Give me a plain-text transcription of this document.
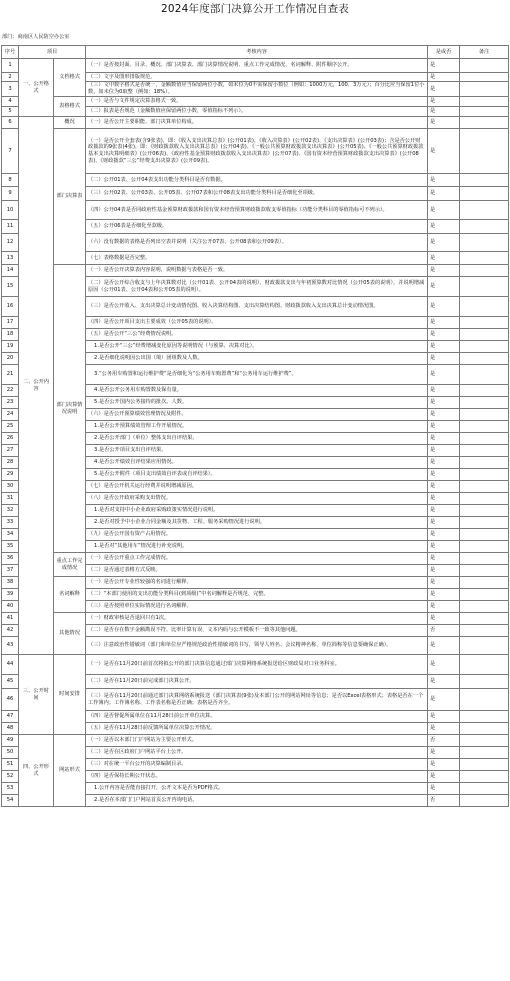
2024年度部门决算公开工作情况自查表
部门：商南区人民防空办公室
序号	项目		考核内容	是或否	备注
1	一、公开格式	文档格式	（一）是否按封面、目录、概况、部门决算表、部门决算情况说明、重点工作完成情况、名词解释、附件顺序公开。	是	
2			（二）文字及图形排版规范。	是	
3			（三）文中数字格式是否统一，金额数值应当保留两位小数，如未位为0不需保留小数位（例如：1000万元，100．3万元）；百分比应当保留1位小数，如未位为0取整（例如：18%）。	是	
4		表格格式	（一）是否与文件规定决算表格式一致。	是	
5			（二）报表是否规范（金额数值应保留两位小数，零值指标不列示）。	是	
6	二、公开内容	概况	（一）是否公开主要职能、部门决算单位构成。	是	
7		部门决算表	（一）是否公开全套表(含9张表)，即：《收入支出决算总表》(公开01表)、《收入决算表》(公开02表)、《支出决算表》(公开03表)；含是否公开财政拨款的9张表(4张)，即：《财政拨款收入支出决算总表》(公开04表)、《一般公共预算财政拨款支出决算表》(公开05表)、《一般公共预算财政拨款基本支出决算明细表》(公开06表)、《政府性基金预算财政拨款收入支出决算表》(公开07表)、《国有资本经营预算财政拨款支出决算表》(公开08表)、《财政拨款“三公”经费支出决算表》(公开09表)。	是	
8			（二）公开01表、公开04表支出功能分类科目是否有数据。	是	
9			（三）公开02表、公开03表、公开05表、公开07表和公开08表支出功能分类科目是否细化至项级。	是	
10			（四）公开04表是否同政府性基金预算财政拨款和国有资本经营预算财政拨款收支零值指标（功能分类科目的零值指标可不列示）。	是	
11			（五）公开06表是否细化至款级。	是	
12			（六）没有数据的表格是否列出空表并说明（关注公开07表、公开08表和公开09表）。	是	
13			（七）表格数据是否完整。	是	
14		部门决算情况说明	（一）是否公开决算表内容说明，说明数据与表格是否一致。	是	
15			（二）是否公开综合收支与上年决算数对比（公开01表、公开04表的说明）、财政拨款支出与年初预算数对比情况（公开05表的说明），并说明增减原因（公开01表、公开04表和公开05表的说明）。	是	
16			（三）是否公开收入、支出决算总计变动情况图、收入决算结构图、支出决算结构图、财政拨款收入支出决算总计变动情况图。	是	
17			（四）是否公开项目支出主要成效（公开05表的说明）。	是	
18			（五）是否公开“三公”经费情况说明。	是	
19			1.是否公开“三公”经费增减变化原因等说明情况（与预算、决算对比）。	是	
20			2.是否细化说明因公出国（境）团组数及人数。	是	
21			3.“公务用车购置和运行维护费”是否细化为“公务用车购置费”和“公务用车运行维护费”。	是	
22			4.是否公开公务用车购置数及保有量。	是	
23			5.是否公开国内公务接待的批次、人数。	是	
24			（六）是否公开预算绩效管理情况及附件。	是	
25			1.是否公开预算绩效管理工作开展情况。	是	
26			2.是否公开部门（单位）整体支出自评结果。	是	
27			3.是否公开项目支出自评结果。	是	
28			4.是否公开绩效自评结果应用情况。	是	
29			5.是否公开附件（项目支出绩效自评表或自评结果）。	是	
30			（七）是否公开机关运行经费并说明增减原因。	是	
31			（八）是否公开政府采购支出情况。	是	
32			1.是否对支持中小企业政府采购政策实情况进行说明。	是	
33			2.是否对授予中小企业合同金额及其货物、工程、服务采购情况进行说明。	是	
34			（九）是否公开国有资产占用情况。	是	
35			1.是否对“其他用车”情况进行补充说明。	是	
36		重点工作完成情况	（一）是否公开重点工作完成情况。	是	
37			（二）是否通过表格方式反映。	是	
38		名词解释	（一）是否公开专业性较强的名词进行解释。	是	
39			（二）“本部门使用的支出功能分类科目(到项级)”中名词解释是否规范、完整。	是	
40			（三）是否按照单位实际情况进行名词解释。	是	
41		其他情况	（一）财政审核是否退回只有1次。	是	
42			（二）是否存在数字金额勘误不符、比率计算有误、文本内码与公开模板不一致等其他问题。	否	
43			（三）注意政治性错敏词（部门和单位应严格规范政治性错敏词的书写，领导人姓名、会议精神名称、单位简称等信息要确保正确）。	是	
44	三、公开时间	时间安排	（一）是否在11月20日前首次将拟公开的部门决算信息通过部门决算网络系统报送给区财政局对口业务科室。	是	
45			（二）是否在11月20日前完成部门决算公开。	是	
46			（三）是否在11月20日前通过部门决算网络系统报送《部门决算表(9张)及本部门公开的网站网址等信息；是否以Excel表格形式；表格是否在一个工作簿内；工作簿名称、工作表名称是否正确；表格是否齐全。	是	
47			（四）是否督促所属单位在11月28日前公开单位决算。	是	
48			（五）是否在11月28日前反馈所属单位决算公开情况。	是	
49	四、公开形式	网站形式	（一）是否以本部门门户网站为主要公开形式。	否	
50			（二）是否在区政府门户网站平台上公开。	是	
51			（三）对在统一平台公开的决算编制目录。	是	
52			（四）是否保持长期公开状态。	是	
53			1.公开内容是否能直接打开，公开文本是否为PDF格式。	是	
54			2.是否在本部门门户网站首页公开咨询电话。	否	
